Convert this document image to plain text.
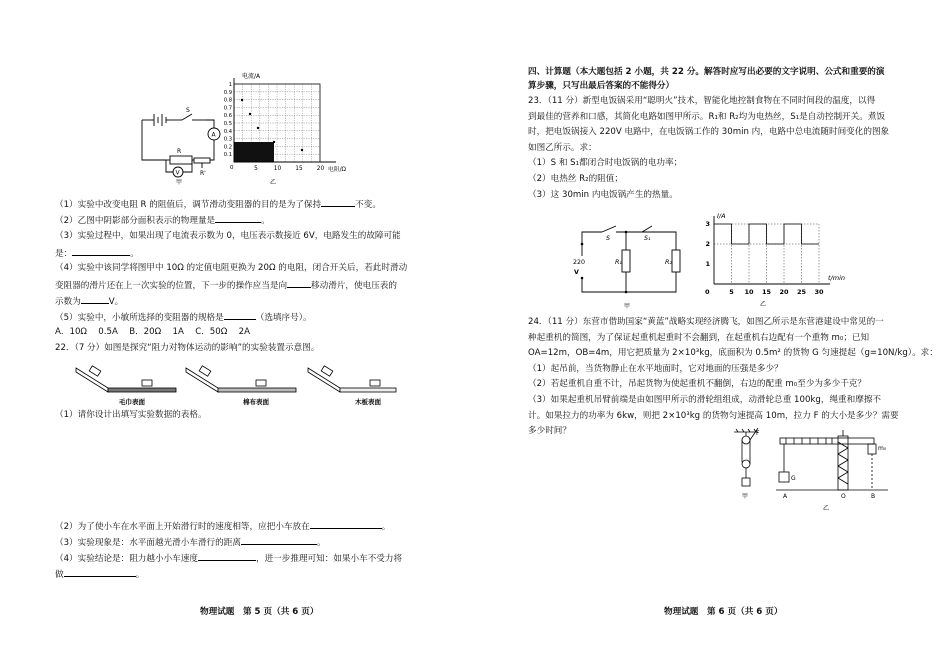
S
A
V
R
R'
甲
电流/A
1
0.9
0.8
0.7
0.6
0.5
0.4
0.3
0.2
0.1
0	5	10 15 20 电阻/Ω
乙
（1）实验中改变电阻 R 的阻值后，调节滑动变阻器的目的是为了保持	不变。
（2）乙图中阴影部分面积表示的物理量是	。
（3）实验过程中，如果出现了电流表示数为 0，电压表示数接近 6V，电路发生的故障可能
是：	。
（4）实验中该同学将图甲中 10Ω 的定值电阻更换为 20Ω 的电阻，闭合开关后，若此时滑动
变阻器的滑片还在上一次实验的位置，下一步的操作应当是向	移动滑片，使电压表的
示数为	V。
（5）实验中，小敏所选择的变阻器的规格是	（选填序号）。
A．10Ω　 0.5A　 B．20Ω　 1A　 C．50Ω　 2A
22．（7 分）如图是探究“阻力对物体运动的影响”的实验装置示意图。
毛巾表面	棉布表面	木板表面
（1）请你设计出填写实验数据的表格。
（2）为了使小车在水平面上开始滑行时的速度相等，应把小车放在	。
（3）实验现象是：水平面越光滑小车滑行的距离	。
（4）实验结论是：阻力越小小车速度	，进一步推理可知：如果小车不受力将
做	。
物理试题　第 5 页（共 6 页）
四、计算题（本大题包括 2 小题，共 22 分。解答时应写出必要的文字说明、公式和重要的演
算步骤，只写出最后答案的不能得分）
23．（11 分）新型电饭锅采用“聪明火”技术，智能化地控制食物在不同时间段的温度，以得
到最佳的营养和口感，其简化电路如图甲所示。R₁和 R₂均为电热丝，S₁是自动控制开关。煮饭
时，把电饭锅接入 220V 电路中，在电饭锅工作的 30min 内，电路中总电流随时间变化的图象
如图乙所示。求：
（1）S 和 S₁都闭合时电饭锅的电功率；
（2）电热丝 R₂的阻值；
（3）这 30min 内电饭锅产生的热量。
220
V
S	S₁
R₁	R₂
甲
I/A
t/min
0
3
2
1
5 10 15 20 25 30
乙
24．（11 分）东营市借助国家“黄蓝”战略实现经济腾飞，如图乙所示是东营港建设中常见的一
种起重机的简图，为了保证起重机起重时不会翻到，在起重机右边配有一个重物 m₀；已知
OA=12m，OB=4m，用它把质量为 2×10³kg，底面积为 0.5m² 的货物 G 匀速提起（g=10N/kg）。求：
（1）起吊前，当货物静止在水平地面时，它对地面的压强是多少？
（2）若起重机自重不计，吊起货物为使起重机不翻倒，右边的配重 m₀至少为多少千克？
（3）如果起重机吊臂前端是由如图甲所示的滑轮组组成，动滑轮总重 100kg，绳重和摩擦不
计。如果拉力的功率为 6kw，则把 2×10³kg 的货物匀速提高 10m，拉力 F 的大小是多少？需要
多少时间？	F
甲
G
m₀
A	O	B
乙
物理试题　第 6 页（共 6 页）
